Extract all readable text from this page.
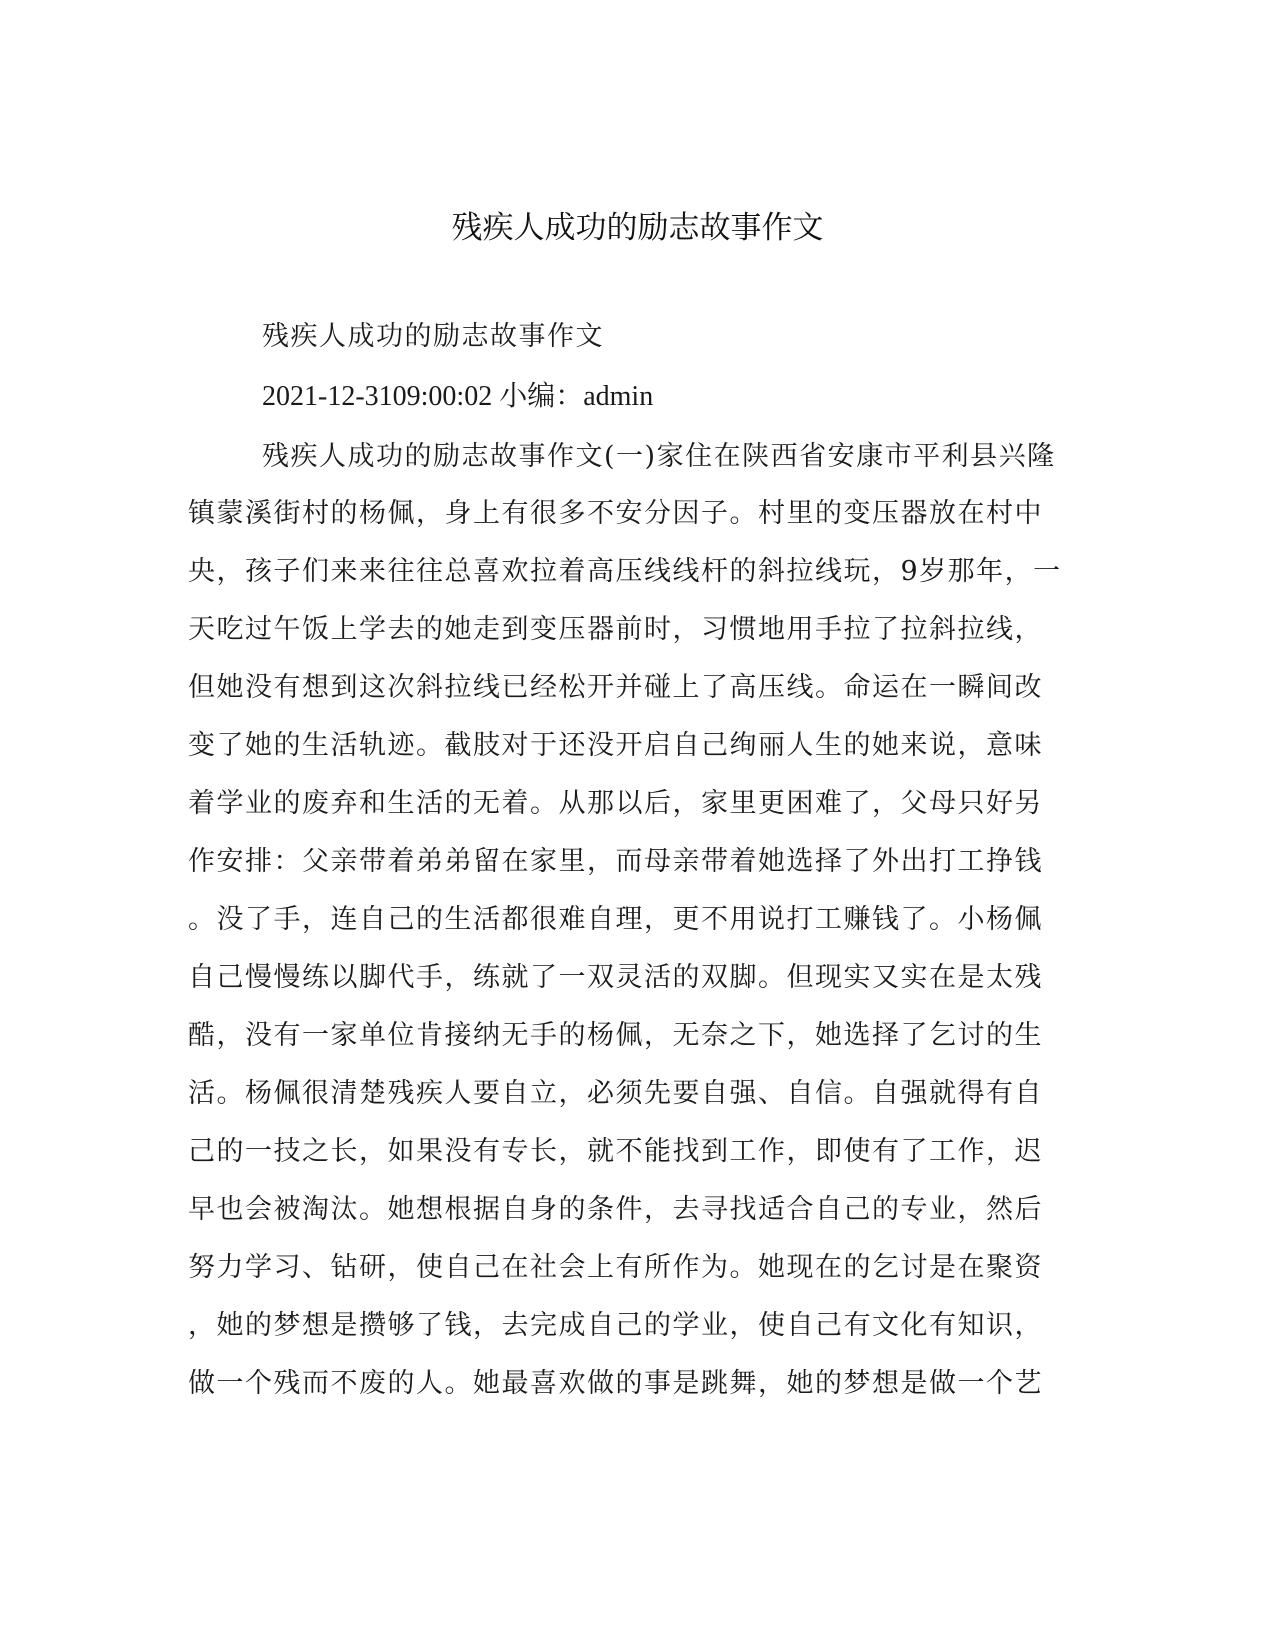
残疾人成功的励志故事作文
残疾人成功的励志故事作文
2021-12-3109:00:02 小编：admin
残疾人成功的励志故事作文(一)家住在陕西省安康市平利县兴隆
镇蒙溪街村的杨佩，身上有很多不安分因子。村里的变压器放在村中
央，孩子们来来往往总喜欢拉着高压线线杆的斜拉线玩，9岁那年，一
天吃过午饭上学去的她走到变压器前时，习惯地用手拉了拉斜拉线，
但她没有想到这次斜拉线已经松开并碰上了高压线。命运在一瞬间改
变了她的生活轨迹。截肢对于还没开启自己绚丽人生的她来说，意味
着学业的废弃和生活的无着。从那以后，家里更困难了，父母只好另
作安排：父亲带着弟弟留在家里，而母亲带着她选择了外出打工挣钱
。没了手，连自己的生活都很难自理，更不用说打工赚钱了。小杨佩
自己慢慢练以脚代手，练就了一双灵活的双脚。但现实又实在是太残
酷，没有一家单位肯接纳无手的杨佩，无奈之下，她选择了乞讨的生
活。杨佩很清楚残疾人要自立，必须先要自强、自信。自强就得有自
己的一技之长，如果没有专长，就不能找到工作，即使有了工作，迟
早也会被淘汰。她想根据自身的条件，去寻找适合自己的专业，然后
努力学习、钻研，使自己在社会上有所作为。她现在的乞讨是在聚资
，她的梦想是攒够了钱，去完成自己的学业，使自己有文化有知识，
做一个残而不废的人。她最喜欢做的事是跳舞，她的梦想是做一个艺
